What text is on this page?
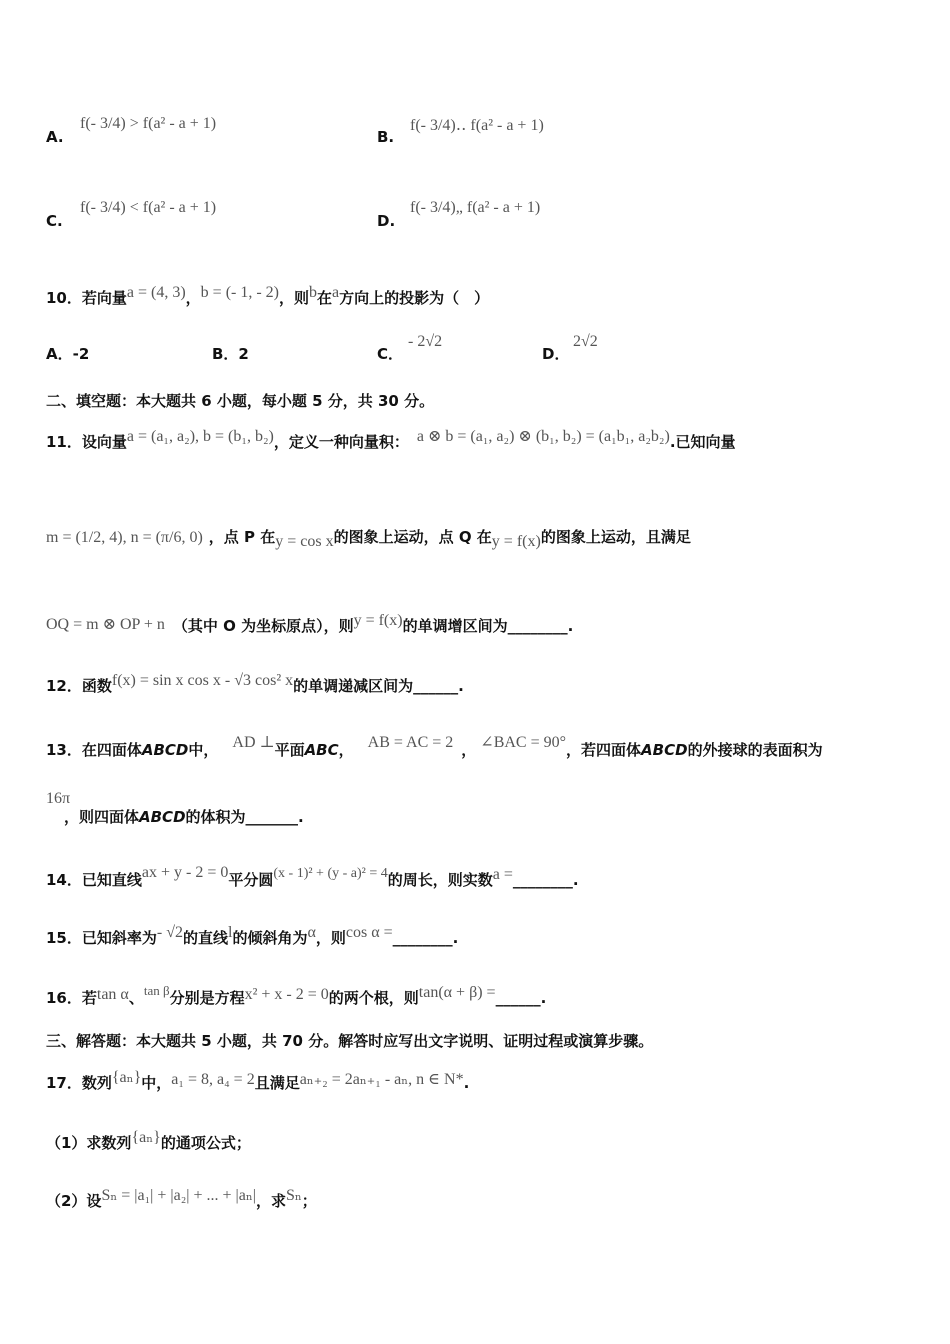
A.
f(- 3/4) > f(a² - a + 1)
B.
f(- 3/4)‥ f(a² - a + 1)
C.
f(- 3/4) < f(a² - a + 1)
D.
f(- 3/4)„ f(a² - a + 1)
10．若向量a = (4, 3)，b = (- 1, - 2)，则b在a方向上的投影为（　）
A．-2	B．2	C．
- 2√2
D．
2√2
二、填空题：本大题共 6 小题，每小题 5 分，共 30 分。
11．设向量a = (a₁, a₂), b = (b₁, b₂)，定义一种向量积： a ⊗ b = (a₁, a₂) ⊗ (b₁, b₂) = (a₁b₁, a₂b₂).已知向量
m = (1/2, 4), n = (π/6, 0) ，点 P 在y = cos x的图象上运动，点 Q 在y = f(x)的图象上运动，且满足
OQ = m ⊗ OP + n （其中 O 为坐标原点），则y = f(x)的单调增区间为________.
12．函数f(x) = sin x cos x - √3 cos² x的单调递减区间为______.
13．在四面体ABCD中， AD ⊥平面ABC， AB = AC = 2 ， ∠BAC = 90°，若四面体ABCD的外接球的表面积为
16π
，则四面体ABCD的体积为_______.
14．已知直线ax + y - 2 = 0平分圆(x - 1)² + (y - a)² = 4的周长，则实数a =________.
15．已知斜率为- √2的直线l的倾斜角为α，则cos α =________.
16．若tan α、tan β分别是方程x² + x - 2 = 0的两个根，则tan(α + β) =______.
三、解答题：本大题共 5 小题，共 70 分。解答时应写出文字说明、证明过程或演算步骤。
17．数列{aₙ}中，a₁ = 8, a₄ = 2且满足aₙ₊₂ = 2aₙ₊₁ - aₙ, n ∈ N*.
（1）求数列{aₙ}的通项公式；
（2）设Sₙ = |a₁| + |a₂| + ... + |aₙ|，求Sₙ；
